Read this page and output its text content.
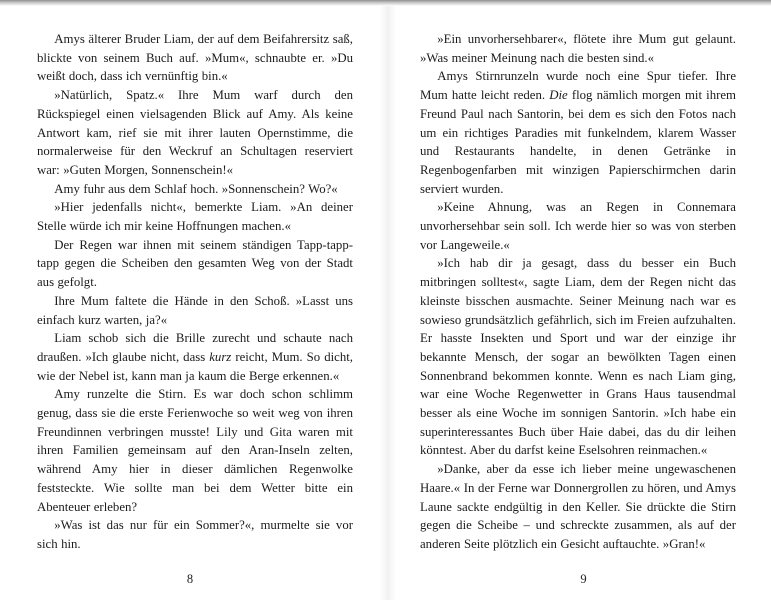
Amys älterer Bruder Liam, der auf dem Beifahrersitz saß, blickte von seinem Buch auf. »Mum«, schnaubte er. »Du weißt doch, dass ich vernünftig bin.«

»Natürlich, Spatz.« Ihre Mum warf durch den Rückspiegel einen vielsagenden Blick auf Amy. Als keine Antwort kam, rief sie mit ihrer lauten Opernstimme, die normalerweise für den Weckruf an Schultagen reserviert war: »Guten Morgen, Sonnenschein!«

Amy fuhr aus dem Schlaf hoch. »Sonnenschein? Wo?«

»Hier jedenfalls nicht«, bemerkte Liam. »An deiner Stelle würde ich mir keine Hoffnungen machen.«

Der Regen war ihnen mit seinem ständigen Tapp-tapp-tapp gegen die Scheiben den gesamten Weg von der Stadt aus gefolgt.

Ihre Mum faltete die Hände in den Schoß. »Lasst uns einfach kurz warten, ja?«

Liam schob sich die Brille zurecht und schaute nach draußen. »Ich glaube nicht, dass kurz reicht, Mum. So dicht, wie der Nebel ist, kann man ja kaum die Berge erkennen.«

Amy runzelte die Stirn. Es war doch schon schlimm genug, dass sie die erste Ferienwoche so weit weg von ihren Freundinnen verbringen musste! Lily und Gita waren mit ihren Familien gemeinsam auf den Aran-Inseln zelten, während Amy hier in dieser dämlichen Regenwolke feststeckte. Wie sollte man bei dem Wetter bitte ein Abenteuer erleben?

»Was ist das nur für ein Sommer?«, murmelte sie vor sich hin.

8

»Ein unvorhersehbarer«, flötete ihre Mum gut gelaunt. »Was meiner Meinung nach die besten sind.«

Amys Stirnrunzeln wurde noch eine Spur tiefer. Ihre Mum hatte leicht reden. Die flog nämlich morgen mit ihrem Freund Paul nach Santorin, bei dem es sich den Fotos nach um ein richtiges Paradies mit funkelndem, klarem Wasser und Restaurants handelte, in denen Getränke in Regenbogenfarben mit winzigen Papierschirmchen darin serviert wurden.

»Keine Ahnung, was an Regen in Connemara unvorhersehbar sein soll. Ich werde hier so was von sterben vor Langeweile.«

»Ich hab dir ja gesagt, dass du besser ein Buch mitbringen solltest«, sagte Liam, dem der Regen nicht das kleinste bisschen ausmachte. Seiner Meinung nach war es sowieso grundsätzlich gefährlich, sich im Freien aufzuhalten. Er hasste Insekten und Sport und war der einzige ihr bekannte Mensch, der sogar an bewölkten Tagen einen Sonnenbrand bekommen konnte. Wenn es nach Liam ging, war eine Woche Regenwetter in Grans Haus tausendmal besser als eine Woche im sonnigen Santorin. »Ich habe ein superinteressantes Buch über Haie dabei, das du dir leihen könntest. Aber du darfst keine Eselsohren reinmachen.«

»Danke, aber da esse ich lieber meine ungewaschenen Haare.« In der Ferne war Donnergrollen zu hören, und Amys Laune sackte endgültig in den Keller. Sie drückte die Stirn gegen die Scheibe – und schreckte zusammen, als auf der anderen Seite plötzlich ein Gesicht auftauchte. »Gran!«

9
